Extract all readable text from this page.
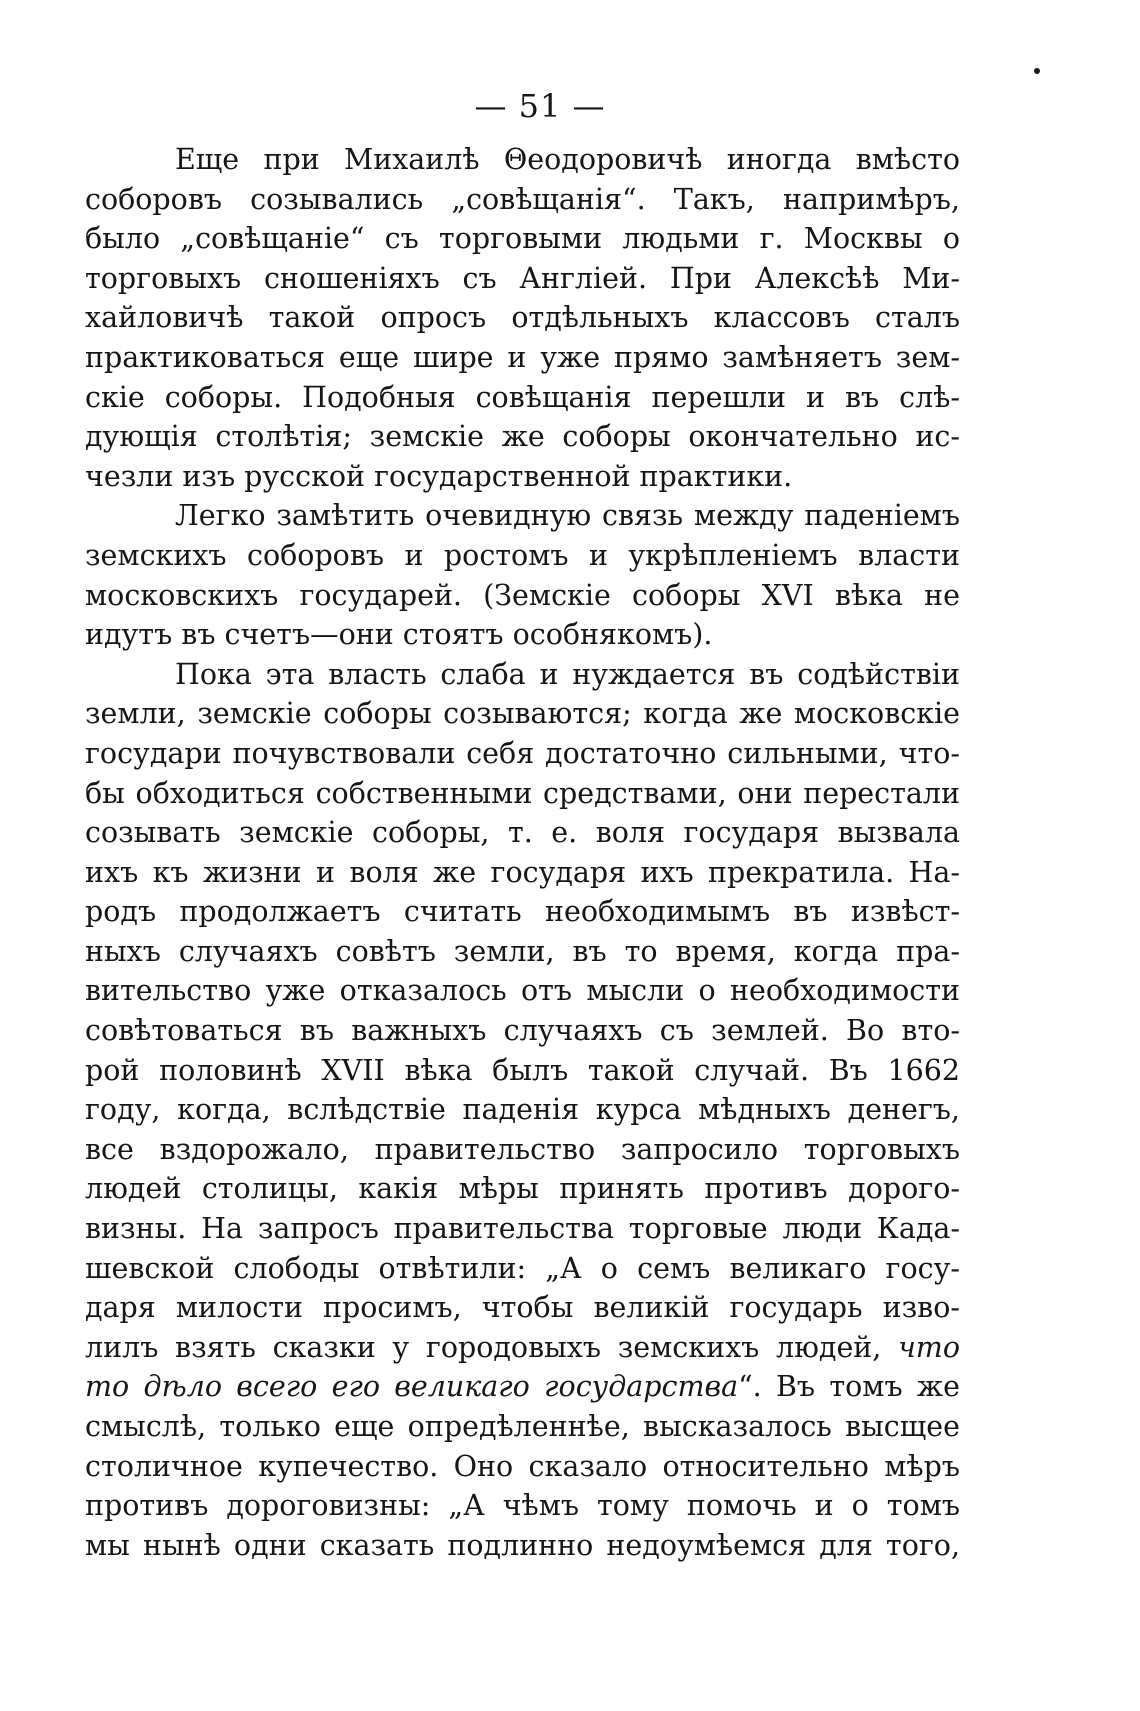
— 51 —
Еще при Михаилѣ Θеодоровичѣ иногда вмѣсто
соборовъ созывались „совѣщанія“. Такъ, напримѣръ,
было „совѣщаніе“ съ торговыми людьми г. Москвы о
торговыхъ сношеніяхъ съ Англіей. При Алексѣѣ Ми-
хайловичѣ такой опросъ отдѣльныхъ классовъ сталъ
практиковаться еще шире и уже прямо замѣняетъ зем-
скіе соборы. Подобныя совѣщанія перешли и въ слѣ-
дующія столѣтія; земскіе же соборы окончательно ис-
чезли изъ русской государственной практики.
Легко замѣтить очевидную связь между паденіемъ
земскихъ соборовъ и ростомъ и укрѣпленіемъ власти
московскихъ государей. (Земскіе соборы XVI вѣка не
идутъ въ счетъ—они стоятъ особнякомъ).
Пока эта власть слаба и нуждается въ содѣйствіи
земли, земскіе соборы созываются; когда же московскіе
государи почувствовали себя достаточно сильными, что-
бы обходиться собственными средствами, они перестали
созывать земскіе соборы, т. е. воля государя вызвала
ихъ къ жизни и воля же государя ихъ прекратила. На-
родъ продолжаетъ считать необходимымъ въ извѣст-
ныхъ случаяхъ совѣтъ земли, въ то время, когда пра-
вительство уже отказалось отъ мысли о необходимости
совѣтоваться въ важныхъ случаяхъ съ землей. Во вто-
рой половинѣ XVII вѣка былъ такой случай. Въ 1662
году, когда, вслѣдствіе паденія курса мѣдныхъ денегъ,
все вздорожало, правительство запросило торговыхъ
людей столицы, какія мѣры принять противъ дорого-
визны. На запросъ правительства торговые люди Када-
шевской слободы отвѣтили: „А о семъ великаго госу-
даря милости просимъ, чтобы великій государь изво-
лилъ взять сказки у городовыхъ земскихъ людей, что
то дѣло всего его великаго государства“. Въ томъ же
смыслѣ, только еще опредѣленнѣе, высказалось высщее
столичное купечество. Оно сказало относительно мѣръ
противъ дороговизны: „А чѣмъ тому помочь и о томъ
мы нынѣ одни сказать подлинно недоумѣемся для того,
